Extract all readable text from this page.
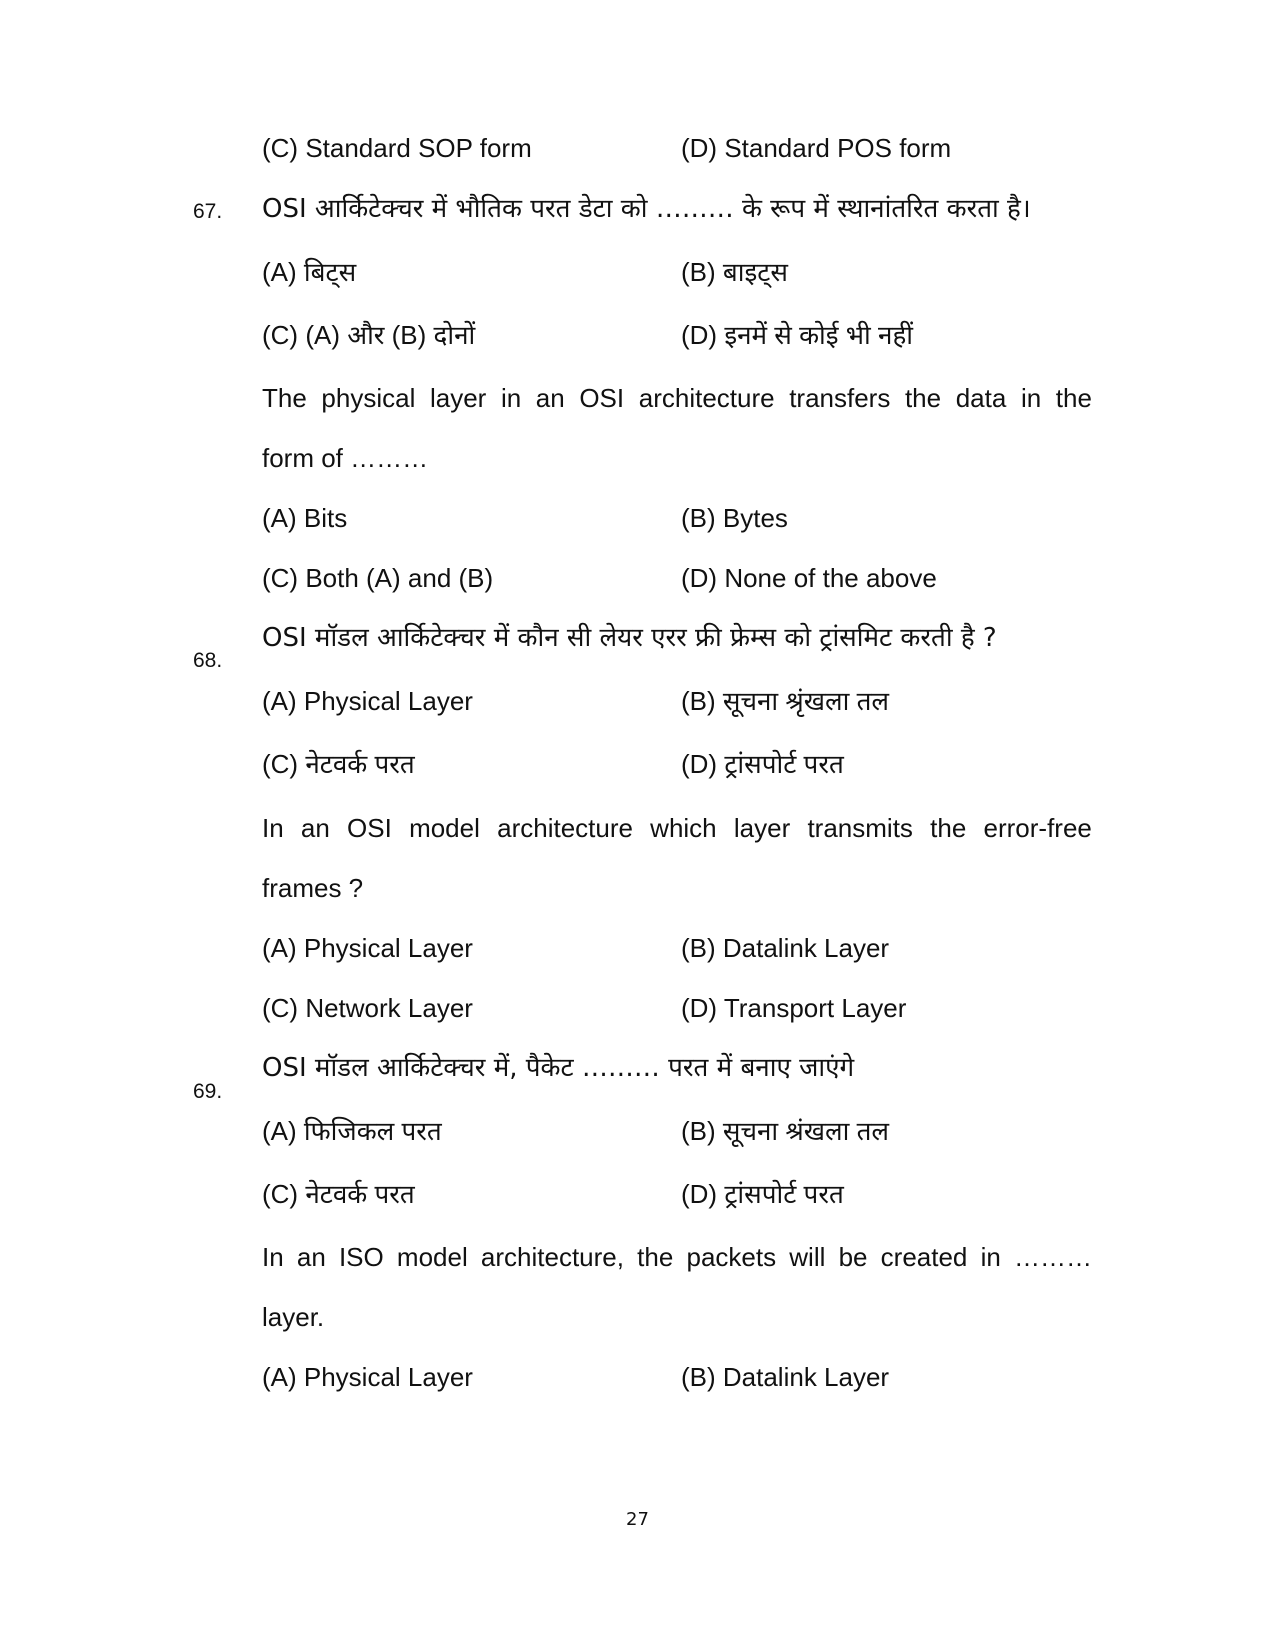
(C) Standard SOP form	(D) Standard POS form
67. OSI आर्किटेक्चर में भौतिक परत डेटा को ……… के रूप में स्थानांतरित करता है।
(A) बिट्स	(B) बाइट्स
(C) (A) और (B) दोनों	(D) इनमें से कोई भी नहीं
The physical layer in an OSI architecture transfers the data in the
form of ………
(A) Bits	(B) Bytes
(C) Both (A) and (B)	(D) None of the above
68.
OSI मॉडल आर्किटेक्चर में कौन सी लेयर एरर फ्री फ्रेम्स को ट्रांसमिट करती है ?
(A) Physical Layer	(B) सूचना श्रृंखला तल
(C) नेटवर्क परत	(D) ट्रांसपोर्ट परत
In an OSI model architecture which layer transmits the error-free
frames ?
(A) Physical Layer	(B) Datalink Layer
(C) Network Layer	(D) Transport Layer
69.
OSI मॉडल आर्किटेक्चर में, पैकेट ……… परत में बनाए जाएंगे
(A) फिजिकल परत	(B) सूचना श्रंखला तल
(C) नेटवर्क परत	(D) ट्रांसपोर्ट परत
In an ISO model architecture, the packets will be created in ………
layer.
(A) Physical Layer	(B) Datalink Layer
27
